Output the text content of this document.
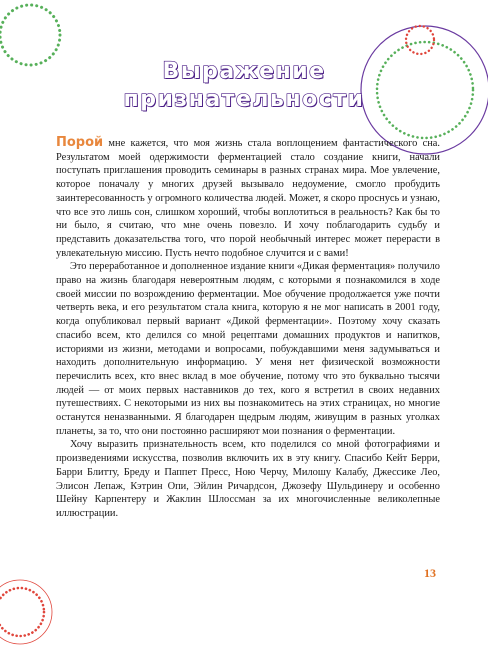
Выражение
признательности

Порой мне кажется, что моя жизнь стала воплощением фантастического сна. Результатом моей одержимости ферментацией стало создание книги, начали поступать приглашения проводить семинары в разных странах мира. Мое увлечение, которое поначалу у многих друзей вызывало недоумение, смогло пробудить заинтересованность у огромного количества людей. Может, я скоро проснусь и узнаю, что все это лишь сон, слишком хороший, чтобы воплотиться в реальность? Как бы то ни было, я считаю, что мне очень повезло. И хочу поблагодарить судьбу и представить доказательства того, что порой необычный интерес может перерасти в увлекательную миссию. Пусть нечто подобное случится и с вами!

Это переработанное и дополненное издание книги «Дикая ферментация» получило право на жизнь благодаря невероятным людям, с которыми я познакомился в ходе своей миссии по возрождению ферментации. Мое обучение продолжается уже почти четверть века, и его результатом стала книга, которую я не мог написать в 2001 году, когда опубликовал первый вариант «Дикой ферментации». Поэтому хочу сказать спасибо всем, кто делился со мной рецептами домашних продуктов и напитков, историями из жизни, методами и вопросами, побуждавшими меня задумываться и находить дополнительную информацию. У меня нет физической возможности перечислить всех, кто внес вклад в мое обучение, потому что это буквально тысячи людей — от моих первых наставников до тех, кого я встретил в своих недавних путешествиях. С некоторыми из них вы познакомитесь на этих страницах, но многие останутся неназванными. Я благодарен щедрым людям, живущим в разных уголках планеты, за то, что они постоянно расширяют мои познания о ферментации.

Хочу выразить признательность всем, кто поделился со мной фотографиями и произведениями искусства, позволив включить их в эту книгу. Спасибо Кейт Берри, Барри Блитту, Бреду и Паппет Пресс, Ною Черчу, Милошу Калабу, Джессике Лео, Элисон Лепаж, Кэтрин Опи, Эйлин Ричардсон, Джозефу Шульдинеру и особенно Шейну Карпентеру и Жаклин Шлоссман за их многочисленные великолепные иллюстрации.

13
